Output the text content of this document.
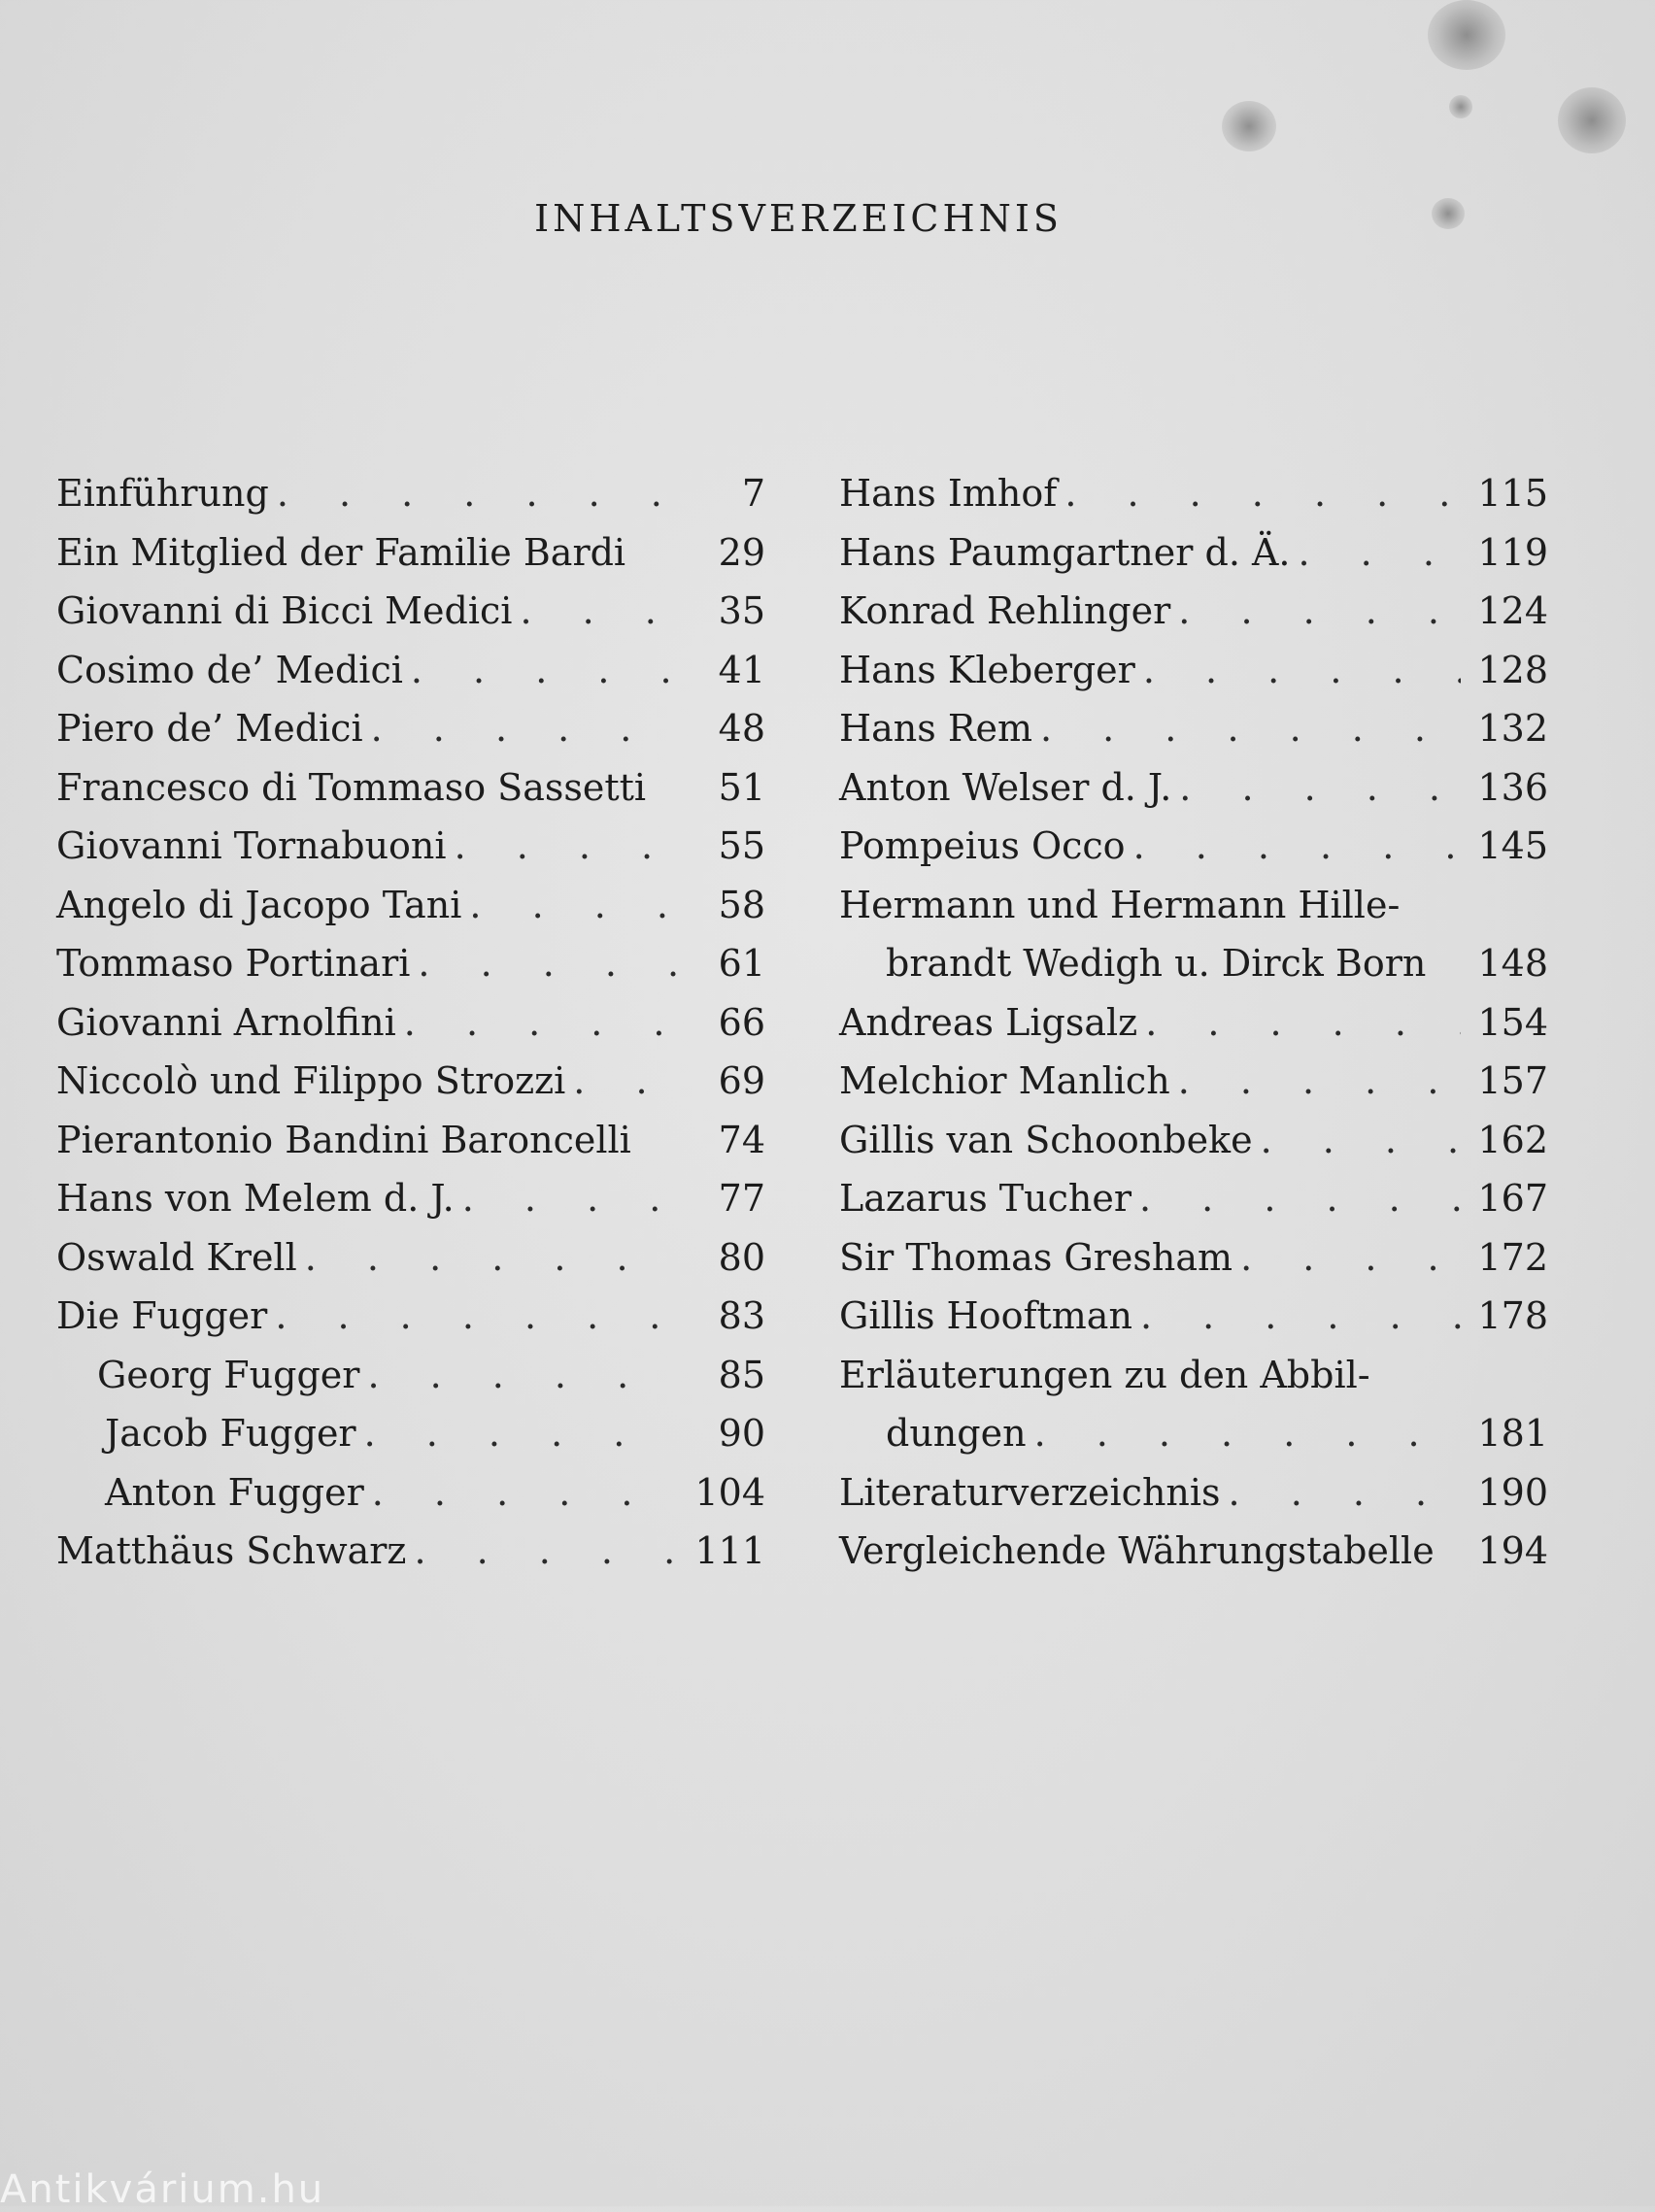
INHALTSVERZEICHNIS
Einführung . . .	7
Ein Mitglied der Familie Bardi	29
Giovanni di Bicci Medici . . .	35
Cosimo de’ Medici . . .	41
Piero de’ Medici . . .	48
Francesco di Tommaso Sassetti	51
Giovanni Tornabuoni . . .	55
Angelo di Jacopo Tani . . .	58
Tommaso Portinari . . .	61
Giovanni Arnolfini . . .	66
Niccolò und Filippo Strozzi . . .	69
Pierantonio Bandini Baroncelli	74
Hans von Melem d. J. . . .	77
Oswald Krell . . .	80
Die Fugger . . .	83
Georg Fugger . . .	85
Jacob Fugger . . .	90
Anton Fugger . . .	104
Matthäus Schwarz . . .	111
Hans Imhof . . .	115
Hans Paumgartner d. Ä. . . .	119
Konrad Rehlinger . . .	124
Hans Kleberger . . .	128
Hans Rem . . .	132
Anton Welser d. J. . . .	136
Pompeius Occo . . .	145
Hermann und Hermann Hille-
brandt Wedigh u. Dirck Born	148
Andreas Ligsalz . . .	154
Melchior Manlich . . .	157
Gillis van Schoonbeke . . .	162
Lazarus Tucher . . .	167
Sir Thomas Gresham . . .	172
Gillis Hooftman . . .	178
Erläuterungen zu den Abbil-
dungen . . .	181
Literaturverzeichnis . . .	190
Vergleichende Währungstabelle	194
Antikvárium.hu
